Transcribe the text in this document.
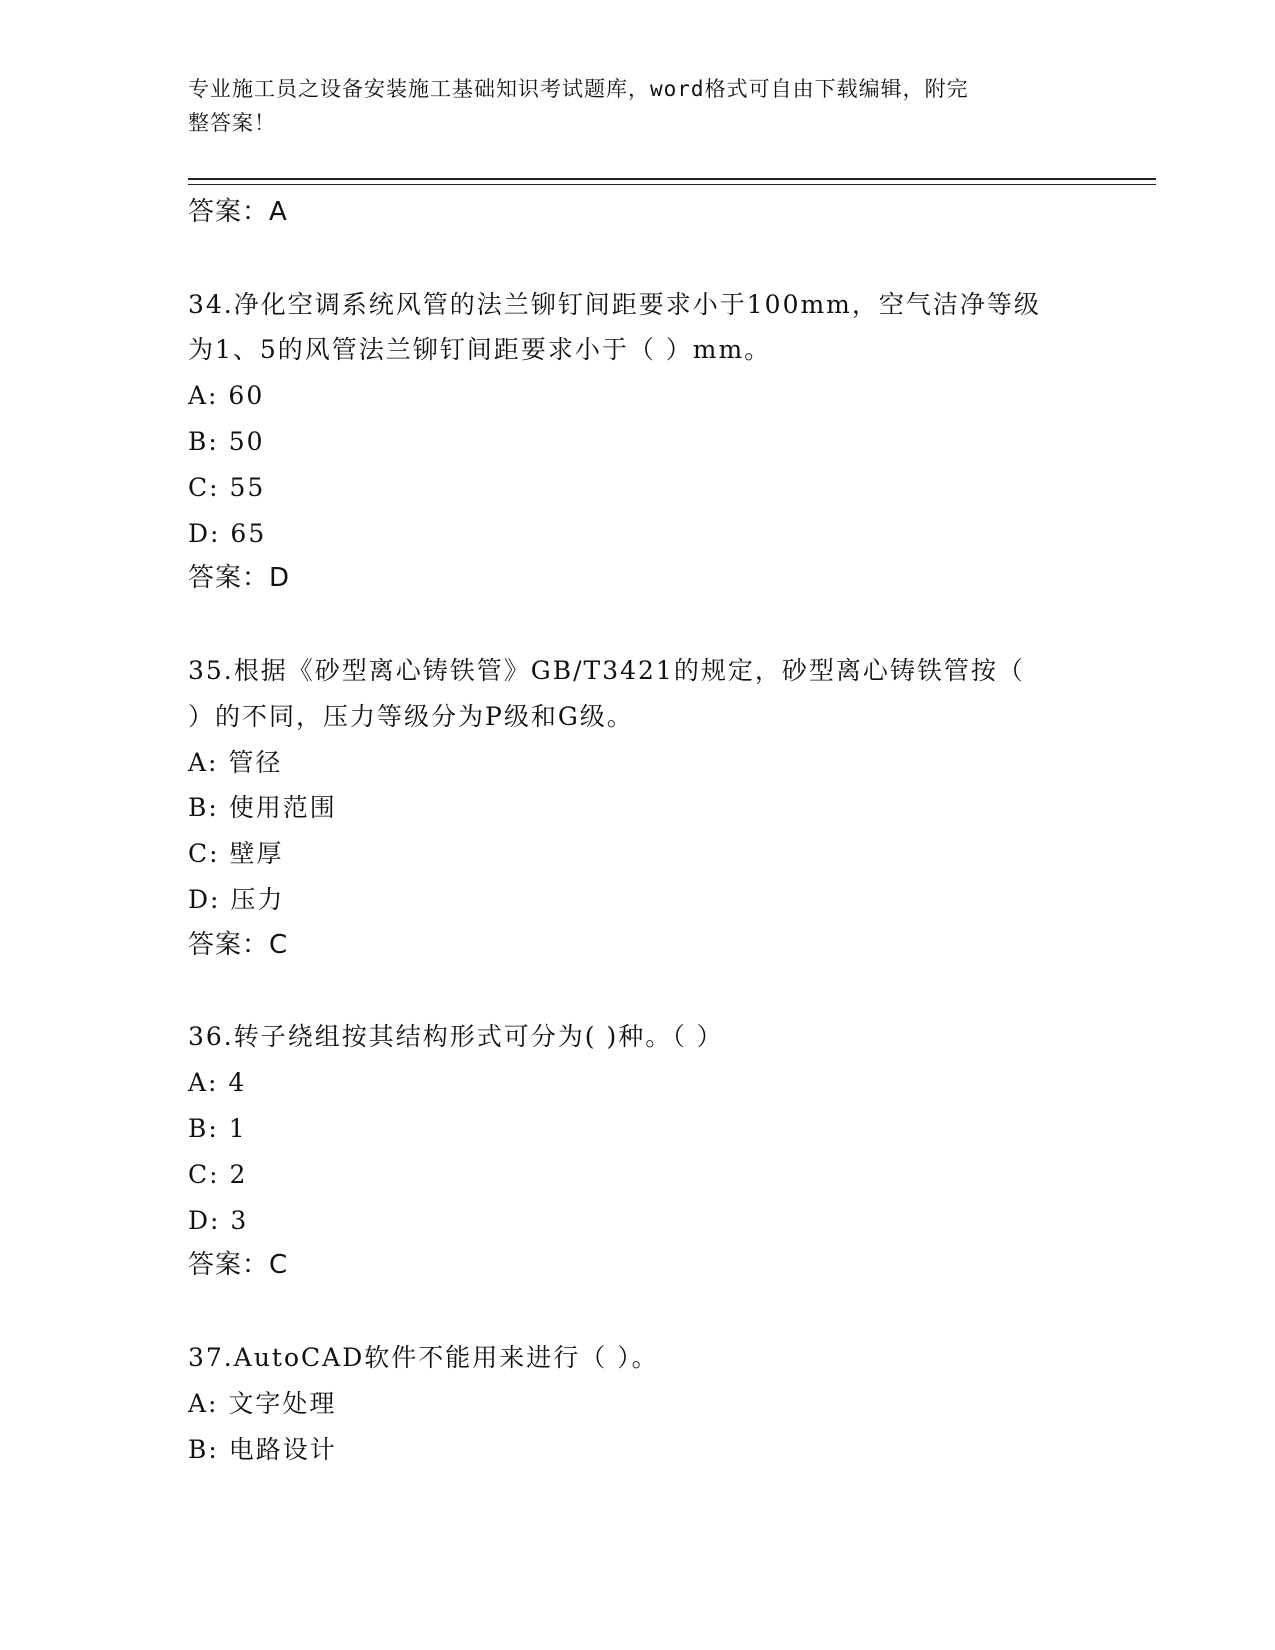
专业施工员之设备安装施工基础知识考试题库，word格式可自由下载编辑，附完
整答案！
答案：A
34.净化空调系统风管的法兰铆钉间距要求小于100mm，空气洁净等级
为1、5的风管法兰铆钉间距要求小于（ ）mm。
A: 60
B: 50
C: 55
D: 65
答案：D
35.根据《砂型离心铸铁管》GB/T3421的规定，砂型离心铸铁管按（
）的不同，压力等级分为P级和G级。
A: 管径
B: 使用范围
C: 壁厚
D: 压力
答案：C
36.转子绕组按其结构形式可分为( )种。（ ）
A: 4
B: 1
C: 2
D: 3
答案：C
37.AutoCAD软件不能用来进行（ ）。
A: 文字处理
B: 电路设计
